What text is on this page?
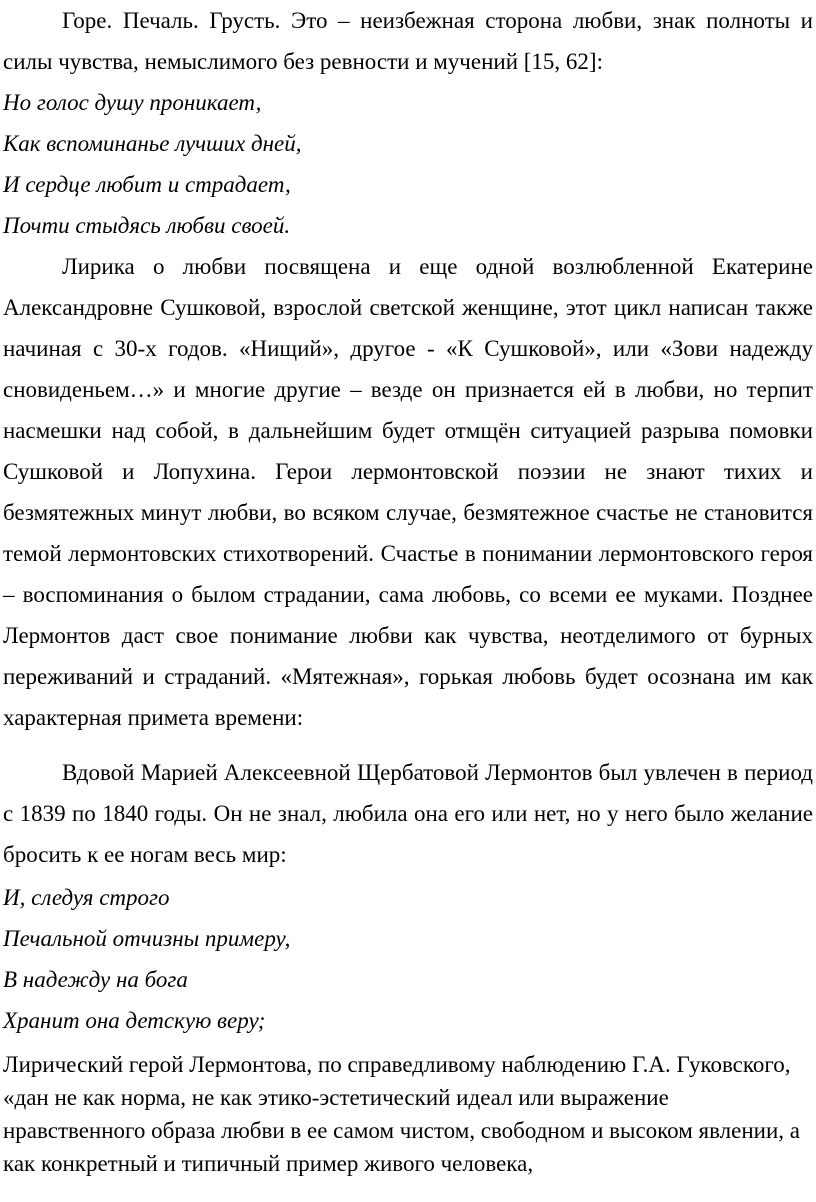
Горе. Печаль. Грусть. Это – неизбежная сторона любви, знак полноты и силы чувства, немыслимого без ревности и мучений [15, 62]:

Но голос душу проникает,
Как вспоминанье лучших дней,
И сердце любит и страдает,
Почти стыдясь любви своей.

Лирика о любви посвящена и еще одной возлюбленной Екатерине Александровне Сушковой, взрослой светской женщине, этот цикл написан также начиная с 30-х годов. «Нищий», другое - «К Сушковой», или «Зови надежду сновиденьем…» и многие другие – везде он признается ей в любви, но терпит насмешки над собой, в дальнейшим будет отмщён ситуацией разрыва помовки Сушковой и Лопухина. Герои лермонтовской поэзии не знают тихих и безмятежных минут любви, во всяком случае, безмятежное счастье не становится темой лермонтовских стихотворений. Счастье в понимании лермонтовского героя – воспоминания о былом страдании, сама любовь, со всеми ее муками. Позднее Лермонтов даст свое понимание любви как чувства, неотделимого от бурных переживаний и страданий. «Мятежная», горькая любовь будет осознана им как характерная примета времени:

Вдовой Марией Алексеевной Щербатовой Лермонтов был увлечен в период с 1839 по 1840 годы. Он не знал, любила она его или нет, но у него было желание бросить к ее ногам весь мир:

И, следуя строго
Печальной отчизны примеру,
В надежду на бога
Хранит она детскую веру;

Лирический герой Лермонтова, по справедливому наблюдению Г.А. Гуковского, «дан не как норма, не как этико-эстетический идеал или выражение нравственного образа любви в ее самом чистом, свободном и высоком явлении, а как конкретный и типичный пример живого человека,
